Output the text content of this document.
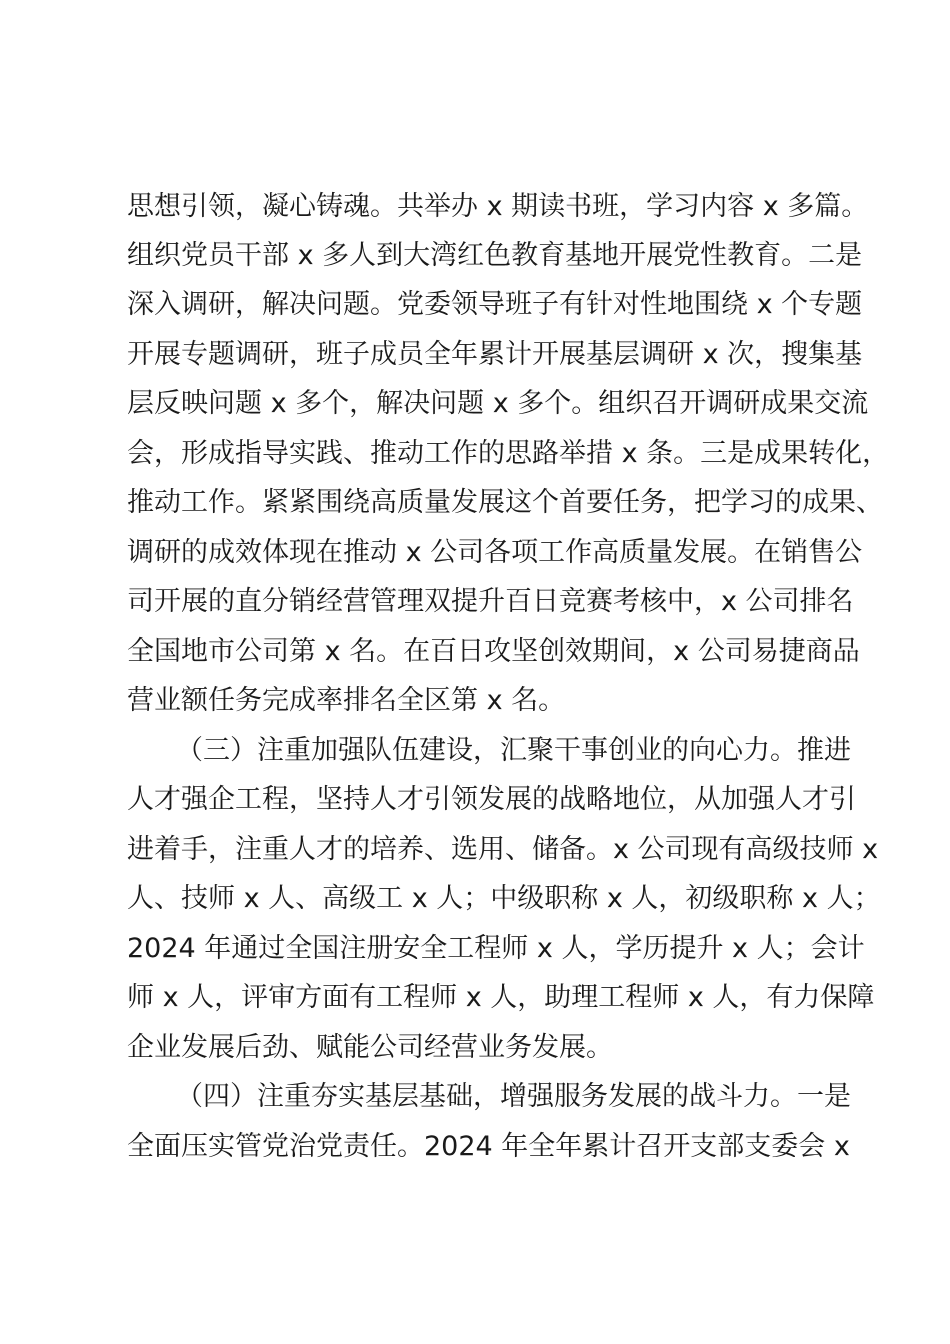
思想引领，凝心铸魂。共举办 x 期读书班，学习内容 x 多篇。

组织党员干部 x 多人到大湾红色教育基地开展党性教育。二是

深入调研，解决问题。党委领导班子有针对性地围绕 x 个专题

开展专题调研，班子成员全年累计开展基层调研 x 次，搜集基

层反映问题 x 多个，解决问题 x 多个。组织召开调研成果交流

会，形成指导实践、推动工作的思路举措 x 条。三是成果转化，

推动工作。紧紧围绕高质量发展这个首要任务，把学习的成果、

调研的成效体现在推动 x 公司各项工作高质量发展。在销售公

司开展的直分销经营管理双提升百日竞赛考核中，x 公司排名

全国地市公司第 x 名。在百日攻坚创效期间，x 公司易捷商品

营业额任务完成率排名全区第 x 名。

（三）注重加强队伍建设，汇聚干事创业的向心力。推进

人才强企工程，坚持人才引领发展的战略地位，从加强人才引

进着手，注重人才的培养、选用、储备。x 公司现有高级技师 x

人、技师 x 人、高级工 x 人；中级职称 x 人，初级职称 x 人；

2024 年通过全国注册安全工程师 x 人，学历提升 x 人；会计

师 x 人，评审方面有工程师 x 人，助理工程师 x 人，有力保障

企业发展后劲、赋能公司经营业务发展。

（四）注重夯实基层基础，增强服务发展的战斗力。一是

全面压实管党治党责任。2024 年全年累计召开支部支委会 x
